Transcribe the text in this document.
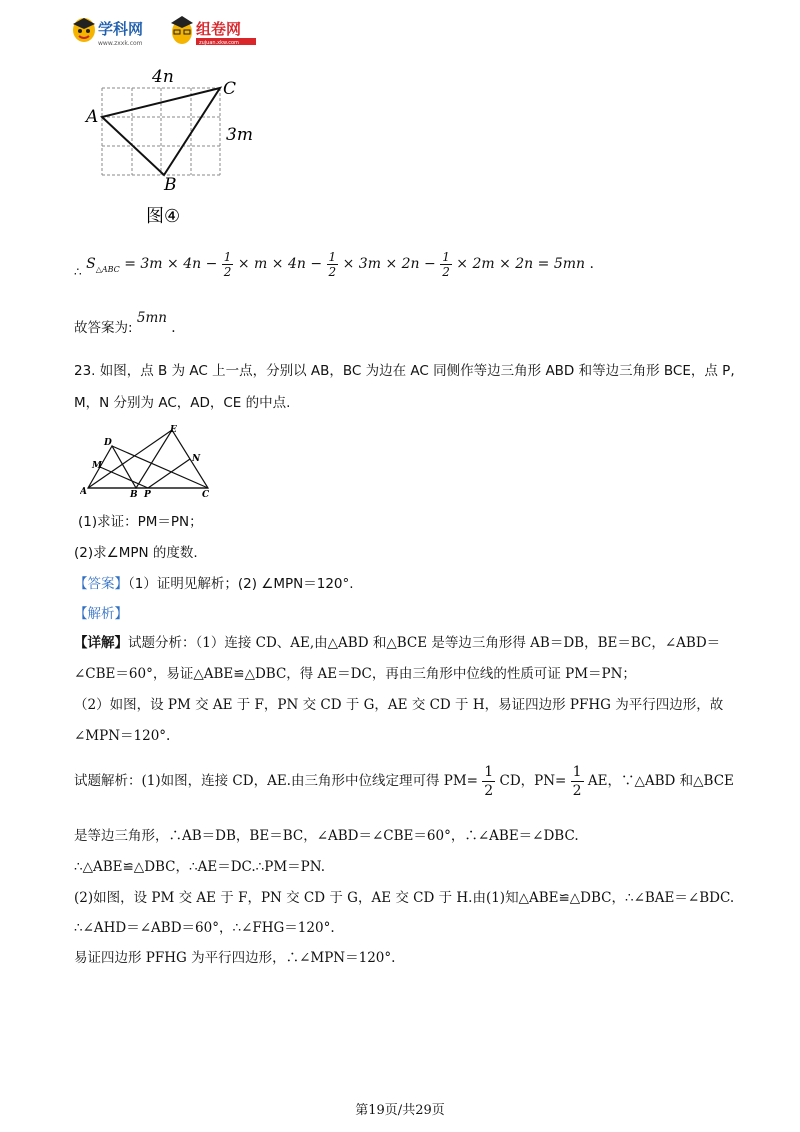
学科网
www.zxxk.com
组卷网
zujuan.xkw.com
4n
3m
A
C
B
图④
∴ $S_{\triangle ABC} = 3m \times 4n - \frac{1}{2} \times m \times 4n - \frac{1}{2} \times 3m \times 2n - \frac{1}{2} \times 2m \times 2n = 5mn$ .
故答案为: 5mn .
23. 如图，点 B 为 AC 上一点，分别以 AB，BC 为边在 AC 同侧作等边三角形 ABD 和等边三角形 BCE，点 P,
M，N 分别为 AC，AD，CE 的中点.
A	B	C
D
E
M
N
P
(1)求证：PM＝PN；
(2)求∠MPN 的度数.
【答案】（1）证明见解析；(2) ∠MPN＝120°.
【解析】
【详解】试题分析：（1）连接 CD、AE,由△ABD 和△BCE 是等边三角形得 AB＝DB，BE＝BC，∠ABD＝
∠CBE＝60°，易证△ABE≌△DBC，得 AE＝DC，再由三角形中位线的性质可证 PM＝PN；
（2）如图，设 PM 交 AE 于 F，PN 交 CD 于 G，AE 交 CD 于 H，易证四边形 PFHG 为平行四边形，故
∠MPN＝120°.
试题解析：(1)如图，连接 CD，AE.由三角形中位线定理可得 $PM= \frac{1}{2}$ CD，$PN= \frac{1}{2}$ AE，∵△ABD 和△BCE
是等边三角形，∴AB＝DB，BE＝BC，∠ABD＝∠CBE＝60°，∴∠ABE＝∠DBC.
∴△ABE≌△DBC，∴AE＝DC.∴PM＝PN.
(2)如图，设 PM 交 AE 于 F，PN 交 CD 于 G，AE 交 CD 于 H.由(1)知△ABE≌△DBC，∴∠BAE＝∠BDC.
∴∠AHD＝∠ABD＝60°，∴∠FHG＝120°.
易证四边形 PFHG 为平行四边形，∴∠MPN＝120°.
第19页/共29页
